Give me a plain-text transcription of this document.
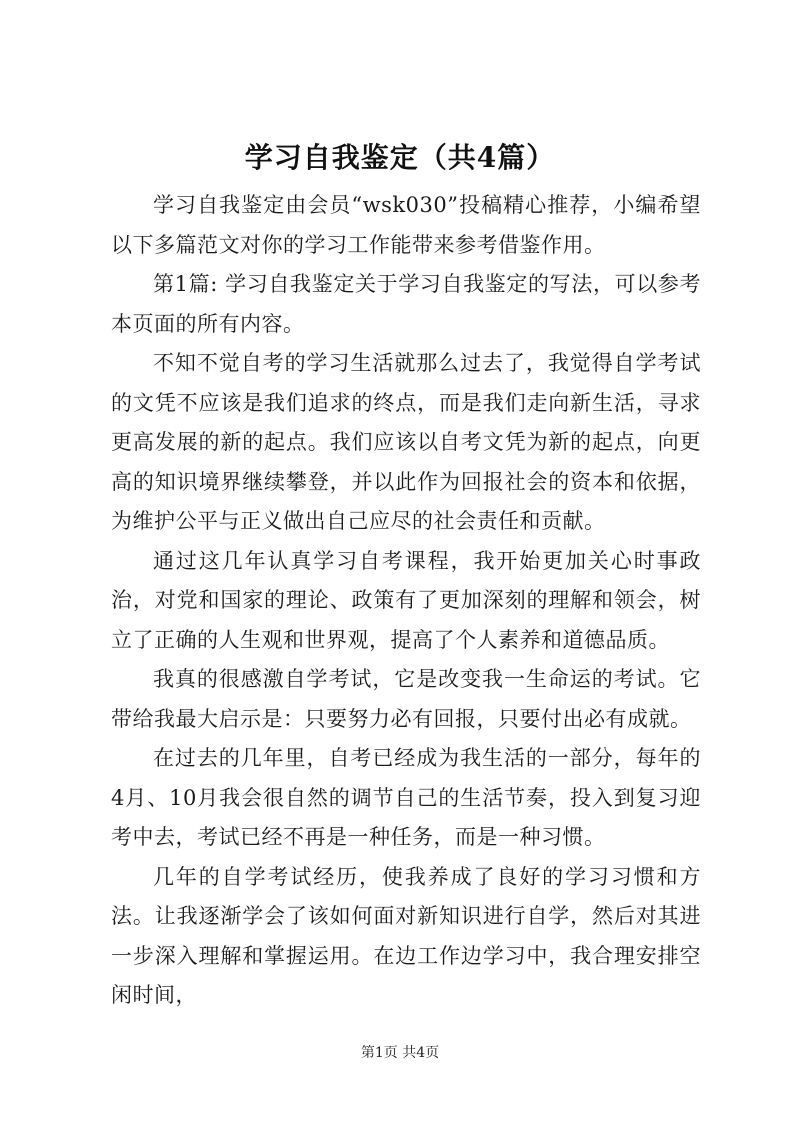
学习自我鉴定（共4篇）

学习自我鉴定由会员“wsk030”投稿精心推荐，小编希望以下多篇范文对你的学习工作能带来参考借鉴作用。

第1篇: 学习自我鉴定关于学习自我鉴定的写法，可以参考本页面的所有内容。

不知不觉自考的学习生活就那么过去了，我觉得自学考试的文凭不应该是我们追求的终点，而是我们走向新生活，寻求更高发展的新的起点。我们应该以自考文凭为新的起点，向更高的知识境界继续攀登，并以此作为回报社会的资本和依据，为维护公平与正义做出自己应尽的社会责任和贡献。

通过这几年认真学习自考课程，我开始更加关心时事政治，对党和国家的理论、政策有了更加深刻的理解和领会，树立了正确的人生观和世界观，提高了个人素养和道德品质。

我真的很感激自学考试，它是改变我一生命运的考试。它带给我最大启示是：只要努力必有回报，只要付出必有成就。

在过去的几年里，自考已经成为我生活的一部分，每年的4月、10月我会很自然的调节自己的生活节奏，投入到复习迎考中去，考试已经不再是一种任务，而是一种习惯。

几年的自学考试经历，使我养成了良好的学习习惯和方法。让我逐渐学会了该如何面对新知识进行自学，然后对其进一步深入理解和掌握运用。在边工作边学习中，我合理安排空闲时间，

第1页 共4页
